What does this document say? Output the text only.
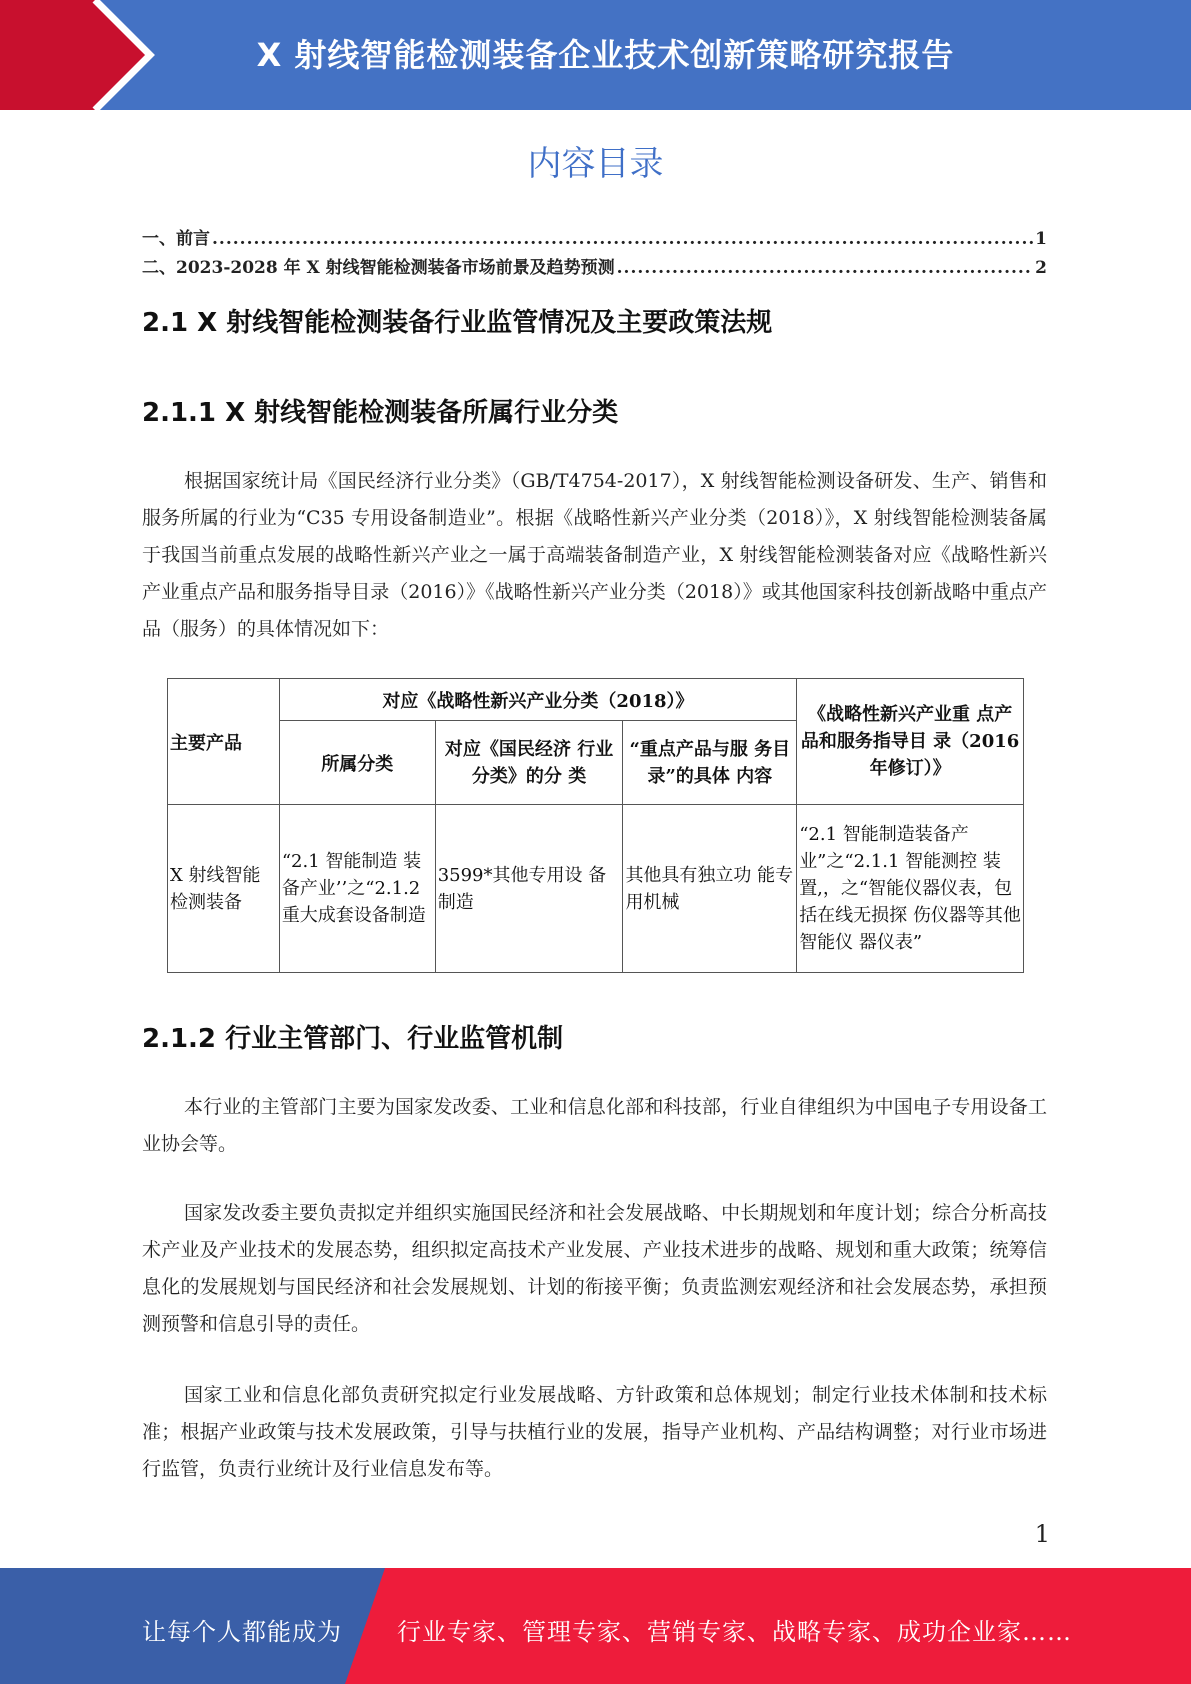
X 射线智能检测装备企业技术创新策略研究报告
内容目录
一、前言 .....	1
二、2023-2028 年 X 射线智能检测装备市场前景及趋势预测 .....	2
2.1 X 射线智能检测装备行业监管情况及主要政策法规
2.1.1 X 射线智能检测装备所属行业分类

根据国家统计局《国民经济行业分类》（GB/T4754-2017），X 射线智能检测设备研发、生产、销售和服务所属的行业为“C35 专用设备制造业”。根据《战略性新兴产业分类（2018）》，X 射线智能检测装备属于我国当前重点发展的战略性新兴产业之一属于高端装备制造产业，X 射线智能检测装备对应《战略性新兴产业重点产品和服务指导目录（2016）》《战略性新兴产业分类（2018）》或其他国家科技创新战略中重点产品（服务）的具体情况如下：

主要产品	对应《战略性新兴产业分类（2018）》			《战略性新兴产业重 点产品和服务指导目 录（2016 年修订）》
	所属分类	对应《国民经济 行业分类》的分 类	“重点产品与服 务目录”的具体 内容	
X 射线智能检测装备	“2.1 智能制造 装备产业’’之“2.1.2 重大成套设备制造	3599*其他专用设 备制造	其他具有独立功 能专用机械	“2.1 智能制造装备产 业”之“2.1.1 智能测控 装置,，之“智能仪器仪表，包括在线无损探 伤仪器等其他智能仪 器仪表”
2.1.2 行业主管部门、行业监管机制

本行业的主管部门主要为国家发改委、工业和信息化部和科技部，行业自律组织为中国电子专用设备工业协会等。

国家发改委主要负责拟定并组织实施国民经济和社会发展战略、中长期规划和年度计划；综合分析高技术产业及产业技术的发展态势，组织拟定高技术产业发展、产业技术进步的战略、规划和重大政策；统筹信息化的发展规划与国民经济和社会发展规划、计划的衔接平衡；负责监测宏观经济和社会发展态势，承担预测预警和信息引导的责任。

国家工业和信息化部负责研究拟定行业发展战略、方针政策和总体规划；制定行业技术体制和技术标准；根据产业政策与技术发展政策，引导与扶植行业的发展，指导产业机构、产品结构调整；对行业市场进行监管，负责行业统计及行业信息发布等。

1
让每个人都能成为 行业专家、管理专家、营销专家、战略专家、成功企业家……
